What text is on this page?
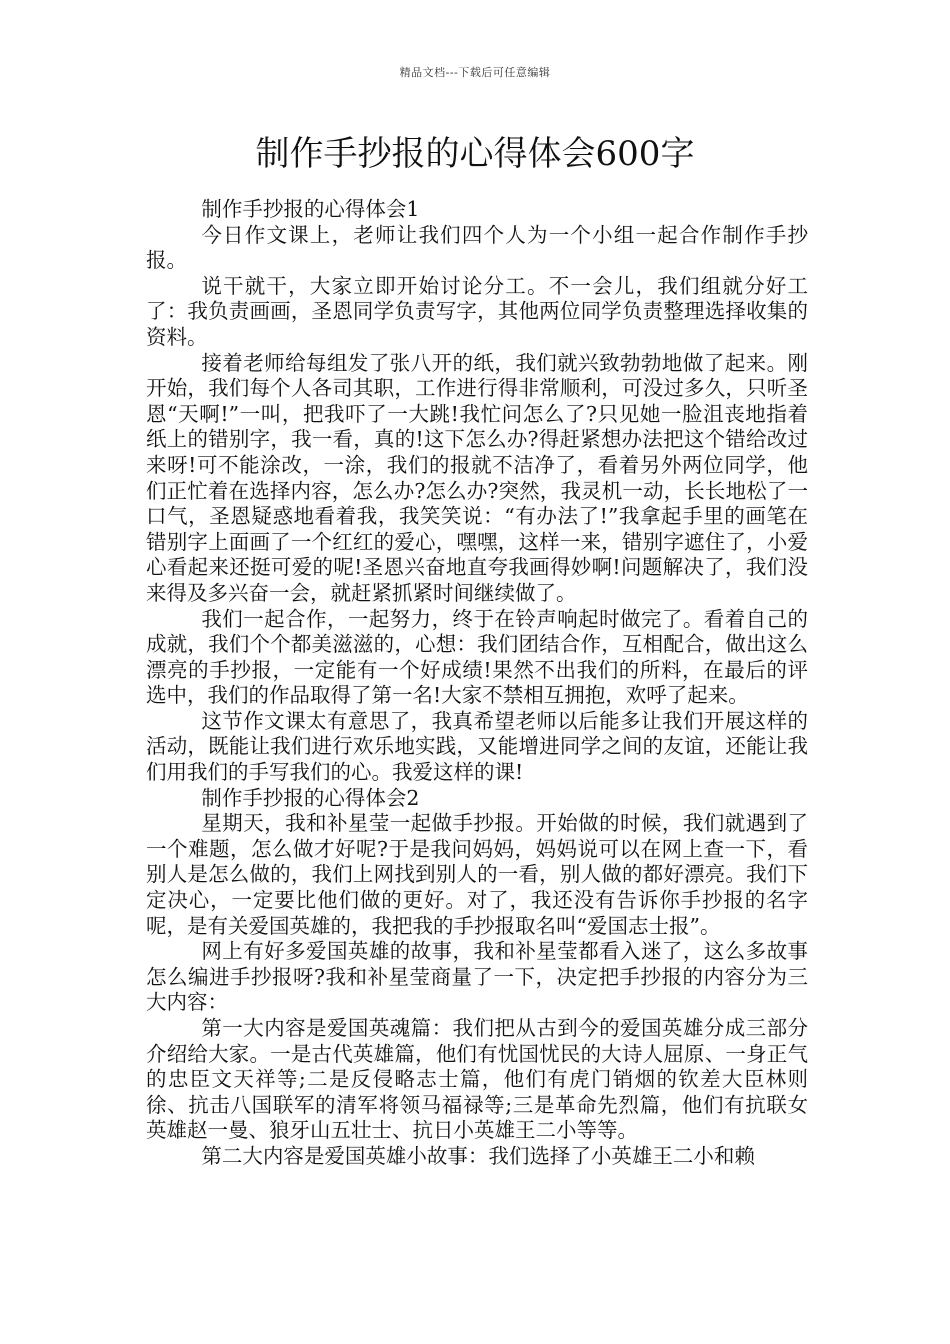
精品文档---下载后可任意编辑
制作手抄报的心得体会600字

制作手抄报的心得体会1

今日作文课上，老师让我们四个人为一个小组一起合作制作手抄报。

说干就干，大家立即开始讨论分工。不一会儿，我们组就分好工了：我负责画画，圣恩同学负责写字，其他两位同学负责整理选择收集的资料。

接着老师给每组发了张八开的纸，我们就兴致勃勃地做了起来。刚开始，我们每个人各司其职，工作进行得非常顺利，可没过多久，只听圣恩“天啊!”一叫，把我吓了一大跳!我忙问怎么了?只见她一脸沮丧地指着纸上的错别字，我一看，真的!这下怎么办?得赶紧想办法把这个错给改过来呀!可不能涂改，一涂，我们的报就不洁净了，看着另外两位同学，他们正忙着在选择内容，怎么办?怎么办?突然，我灵机一动，长长地松了一口气，圣恩疑惑地看着我，我笑笑说：“有办法了!”我拿起手里的画笔在错别字上面画了一个红红的爱心，嘿嘿，这样一来，错别字遮住了，小爱心看起来还挺可爱的呢!圣恩兴奋地直夸我画得妙啊!问题解决了，我们没来得及多兴奋一会，就赶紧抓紧时间继续做了。

我们一起合作，一起努力，终于在铃声响起时做完了。看着自己的成就，我们个个都美滋滋的，心想：我们团结合作，互相配合，做出这么漂亮的手抄报，一定能有一个好成绩!果然不出我们的所料，在最后的评选中，我们的作品取得了第一名!大家不禁相互拥抱，欢呼了起来。

这节作文课太有意思了，我真希望老师以后能多让我们开展这样的活动，既能让我们进行欢乐地实践，又能增进同学之间的友谊，还能让我们用我们的手写我们的心。我爱这样的课!

制作手抄报的心得体会2

星期天，我和补星莹一起做手抄报。开始做的时候，我们就遇到了一个难题，怎么做才好呢?于是我问妈妈，妈妈说可以在网上查一下，看别人是怎么做的，我们上网找到别人的一看，别人做的都好漂亮。我们下定决心，一定要比他们做的更好。对了，我还没有告诉你手抄报的名字呢，是有关爱国英雄的，我把我的手抄报取名叫“爱国志士报”。

网上有好多爱国英雄的故事，我和补星莹都看入迷了，这么多故事怎么编进手抄报呀?我和补星莹商量了一下，决定把手抄报的内容分为三大内容：

第一大内容是爱国英魂篇：我们把从古到今的爱国英雄分成三部分介绍给大家。一是古代英雄篇，他们有忧国忧民的大诗人屈原、一身正气的忠臣文天祥等;二是反侵略志士篇，他们有虎门销烟的钦差大臣林则徐、抗击八国联军的清军将领马福禄等;三是革命先烈篇，他们有抗联女英雄赵一曼、狼牙山五壮士、抗日小英雄王二小等等。

第二大内容是爱国英雄小故事：我们选择了小英雄王二小和赖
